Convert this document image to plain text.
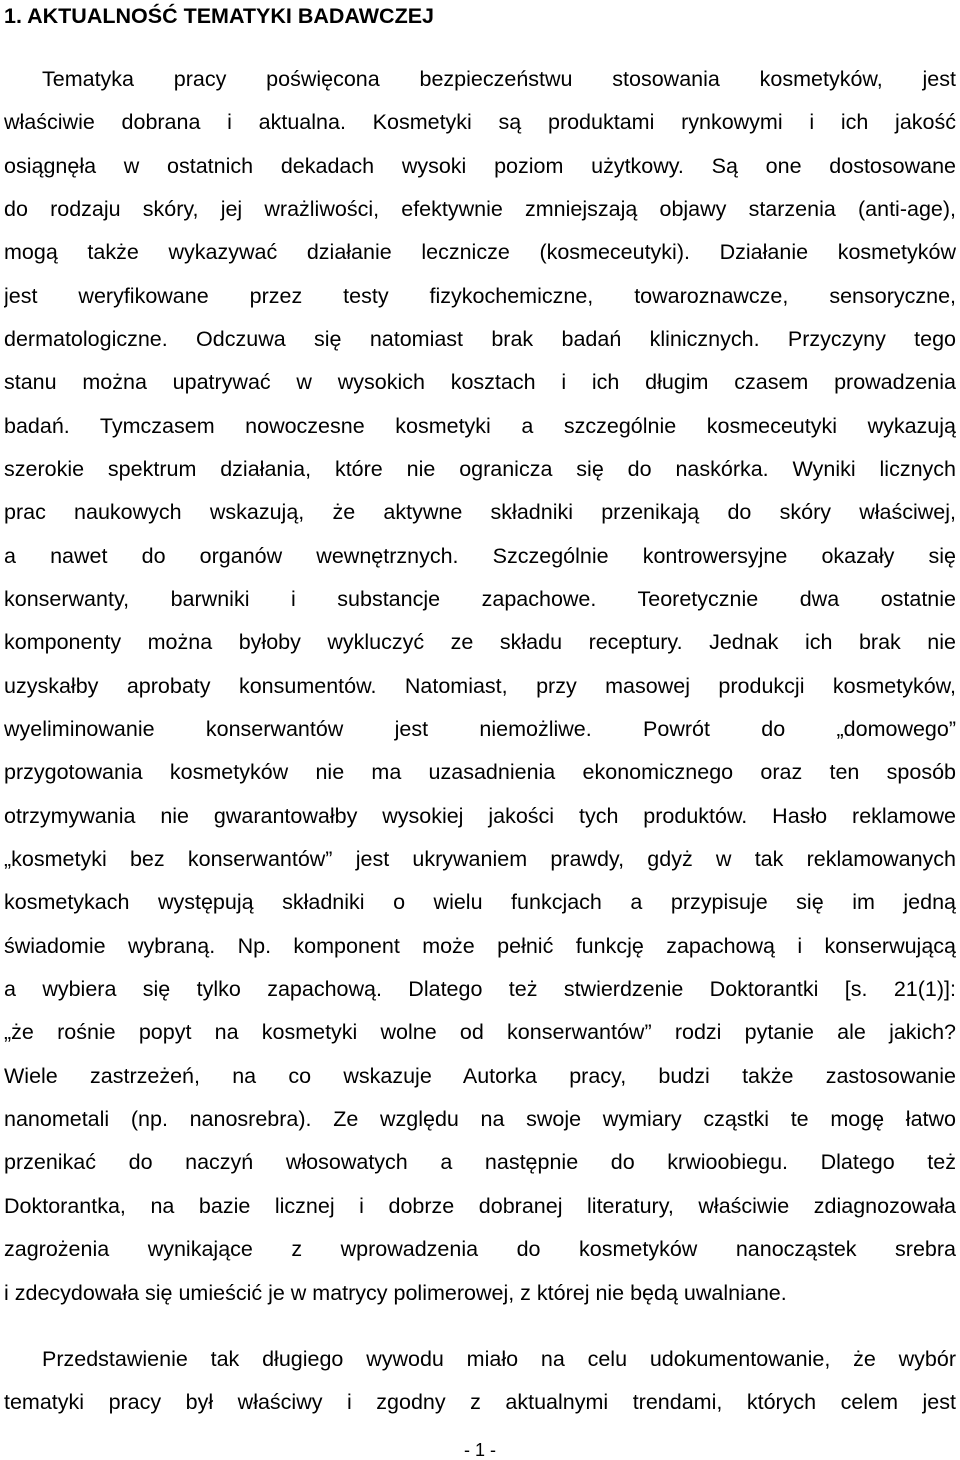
1. AKTUALNOŚĆ TEMATYKI BADAWCZEJ
Tematyka pracy poświęcona bezpieczeństwu stosowania kosmetyków, jest
właściwie dobrana i aktualna. Kosmetyki są produktami rynkowymi i ich jakość
osiągnęła w ostatnich dekadach wysoki poziom użytkowy. Są one dostosowane
do rodzaju skóry, jej wrażliwości, efektywnie zmniejszają objawy starzenia (anti-age),
mogą także wykazywać działanie lecznicze (kosmeceutyki). Działanie kosmetyków
jest weryfikowane przez testy fizykochemiczne, towaroznawcze, sensoryczne,
dermatologiczne. Odczuwa się natomiast brak badań klinicznych. Przyczyny tego
stanu można upatrywać w wysokich kosztach i ich długim czasem prowadzenia
badań. Tymczasem nowoczesne kosmetyki a szczególnie kosmeceutyki wykazują
szerokie spektrum działania, które nie ogranicza się do naskórka. Wyniki licznych
prac naukowych wskazują, że aktywne składniki przenikają do skóry właściwej,
a nawet do organów wewnętrznych. Szczególnie kontrowersyjne okazały się
konserwanty, barwniki i substancje zapachowe. Teoretycznie dwa ostatnie
komponenty można byłoby wykluczyć ze składu receptury. Jednak ich brak nie
uzyskałby aprobaty konsumentów. Natomiast, przy masowej produkcji kosmetyków,
wyeliminowanie konserwantów jest niemożliwe. Powrót do „domowego”
przygotowania kosmetyków nie ma uzasadnienia ekonomicznego oraz ten sposób
otrzymywania nie gwarantowałby wysokiej jakości tych produktów. Hasło reklamowe
„kosmetyki bez konserwantów” jest ukrywaniem prawdy, gdyż w tak reklamowanych
kosmetykach występują składniki o wielu funkcjach a przypisuje się im jedną
świadomie wybraną. Np. komponent może pełnić funkcję zapachową i konserwującą
a wybiera się tylko zapachową. Dlatego też stwierdzenie Doktorantki [s. 21(1)]:
„że rośnie popyt na kosmetyki wolne od konserwantów” rodzi pytanie ale jakich?
Wiele zastrzeżeń, na co wskazuje Autorka pracy, budzi także zastosowanie
nanometali (np. nanosrebra). Ze względu na swoje wymiary cząstki te mogę łatwo
przenikać do naczyń włosowatych a następnie do krwioobiegu. Dlatego też
Doktorantka, na bazie licznej i dobrze dobranej literatury, właściwie zdiagnozowała
zagrożenia wynikające z wprowadzenia do kosmetyków nanocząstek srebra
i zdecydowała się umieścić je w matrycy polimerowej, z której nie będą uwalniane.
Przedstawienie tak długiego wywodu miało na celu udokumentowanie, że wybór
tematyki pracy był właściwy i zgodny z aktualnymi trendami, których celem jest
- 1 -
